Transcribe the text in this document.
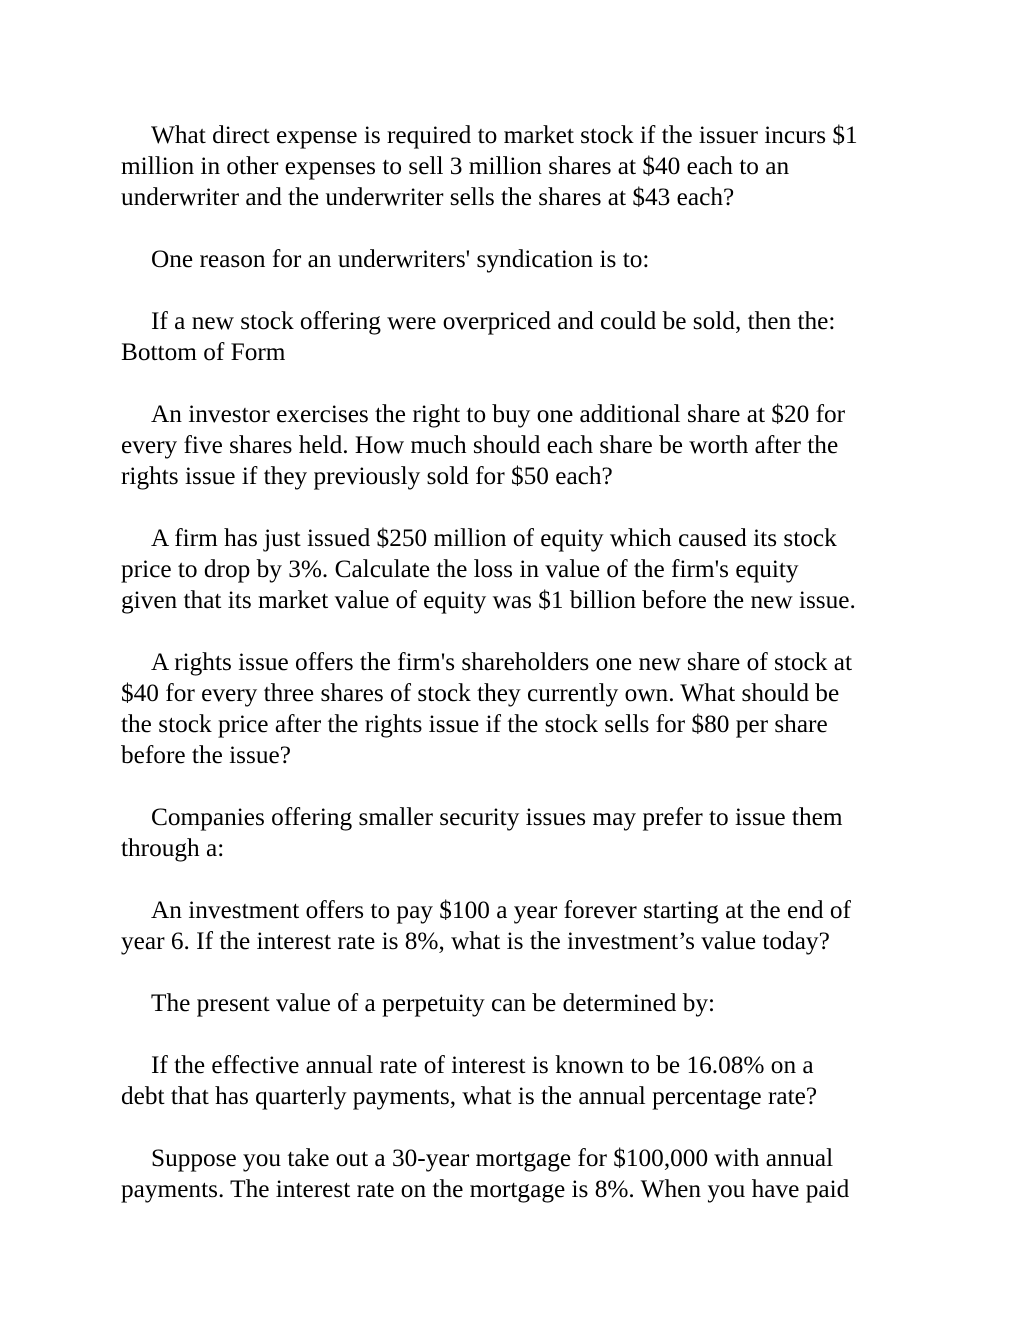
What direct expense is required to market stock if the issuer incurs $1
million in other expenses to sell 3 million shares at $40 each to an
underwriter and the underwriter sells the shares at $43 each?
One reason for an underwriters' syndication is to:
If a new stock offering were overpriced and could be sold, then the:
Bottom of Form
An investor exercises the right to buy one additional share at $20 for
every five shares held. How much should each share be worth after the
rights issue if they previously sold for $50 each?
A firm has just issued $250 million of equity which caused its stock
price to drop by 3%. Calculate the loss in value of the firm's equity
given that its market value of equity was $1 billion before the new issue.
A rights issue offers the firm's shareholders one new share of stock at
$40 for every three shares of stock they currently own. What should be
the stock price after the rights issue if the stock sells for $80 per share
before the issue?
Companies offering smaller security issues may prefer to issue them
through a:
An investment offers to pay $100 a year forever starting at the end of
year 6. If the interest rate is 8%, what is the investment’s value today?
The present value of a perpetuity can be determined by:
If the effective annual rate of interest is known to be 16.08% on a
debt that has quarterly payments, what is the annual percentage rate?
Suppose you take out a 30-year mortgage for $100,000 with annual
payments. The interest rate on the mortgage is 8%. When you have paid
